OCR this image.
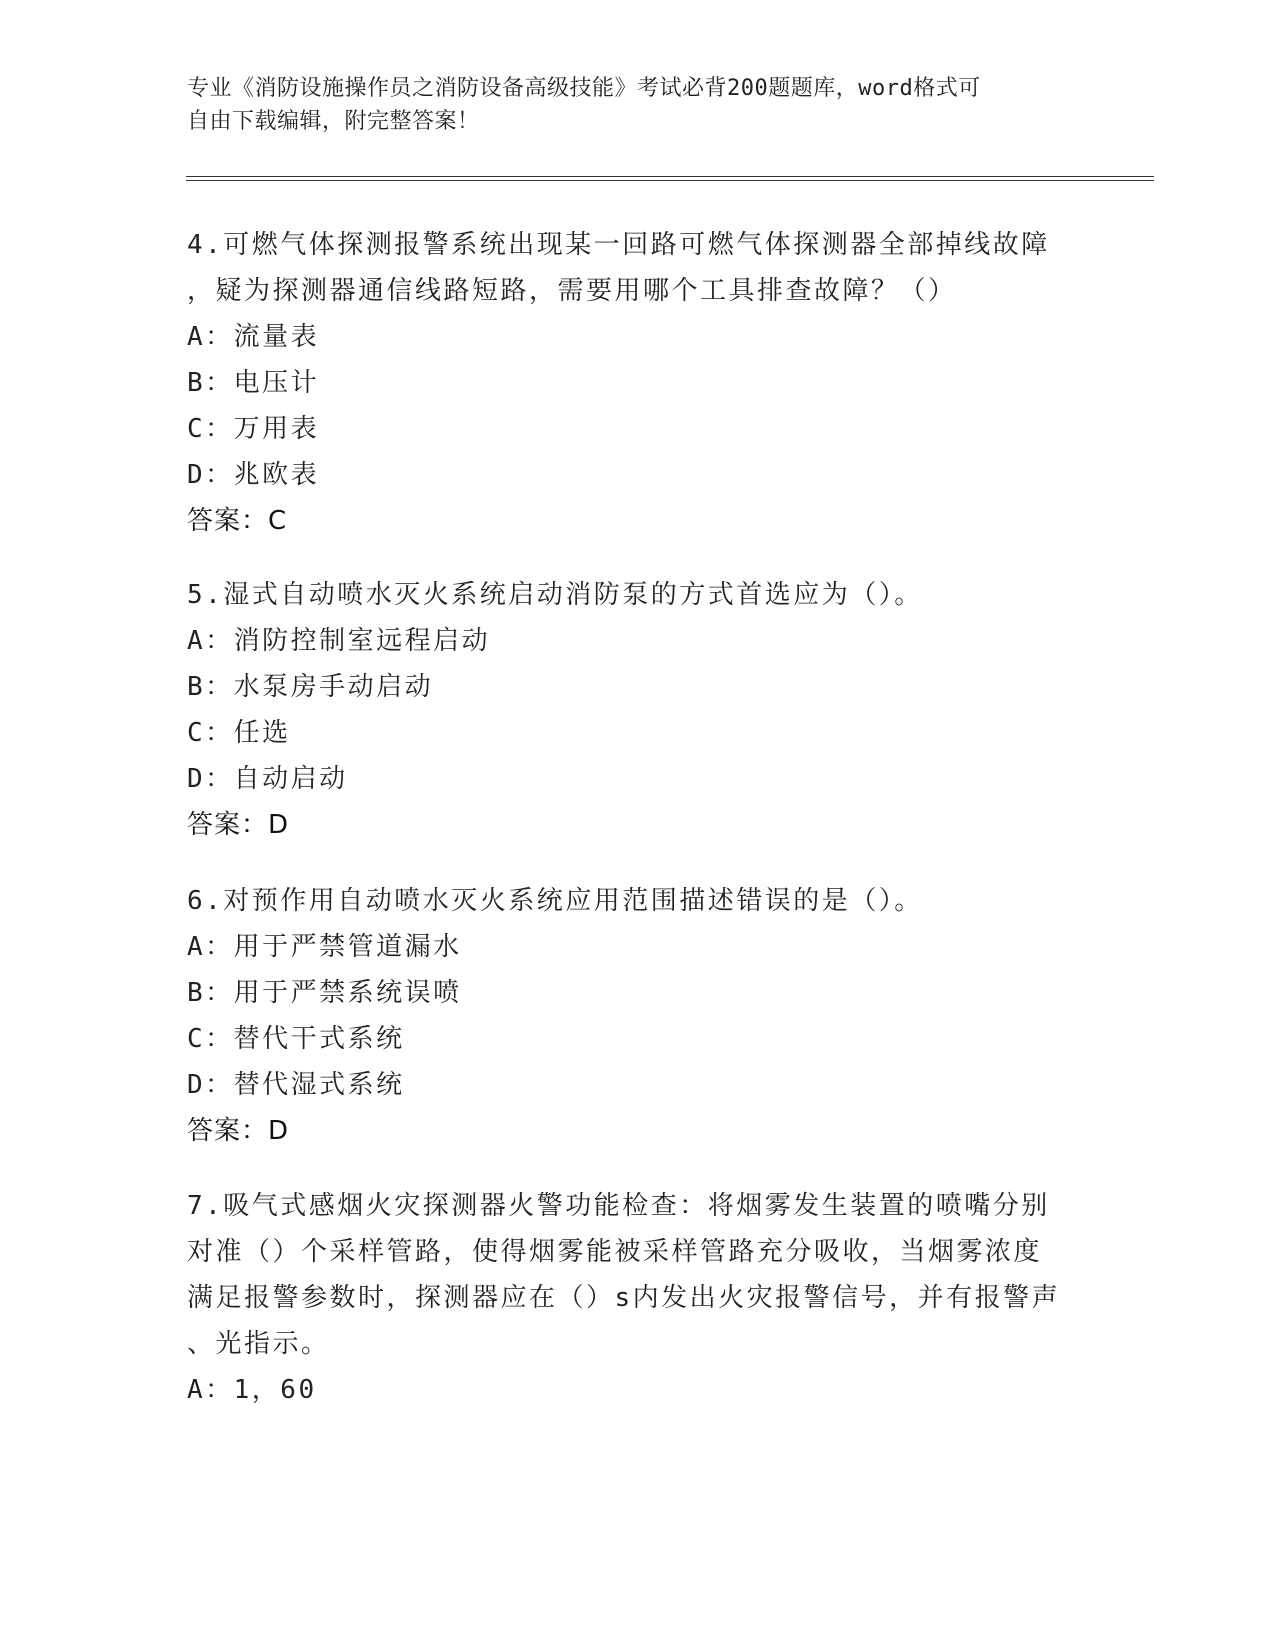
专业《消防设施操作员之消防设备高级技能》考试必背200题题库，word格式可
自由下载编辑，附完整答案！
4.可燃气体探测报警系统出现某一回路可燃气体探测器全部掉线故障
，疑为探测器通信线路短路，需要用哪个工具排查故障？（）
A：流量表
B：电压计
C：万用表
D：兆欧表
答案：C
5.湿式自动喷水灭火系统启动消防泵的方式首选应为（）。
A：消防控制室远程启动
B：水泵房手动启动
C：任选
D：自动启动
答案：D
6.对预作用自动喷水灭火系统应用范围描述错误的是（）。
A：用于严禁管道漏水
B：用于严禁系统误喷
C：替代干式系统
D：替代湿式系统
答案：D
7.吸气式感烟火灾探测器火警功能检查：将烟雾发生装置的喷嘴分别
对准（）个采样管路，使得烟雾能被采样管路充分吸收，当烟雾浓度
满足报警参数时，探测器应在（）s内发出火灾报警信号，并有报警声
、光指示。
A：1，60
